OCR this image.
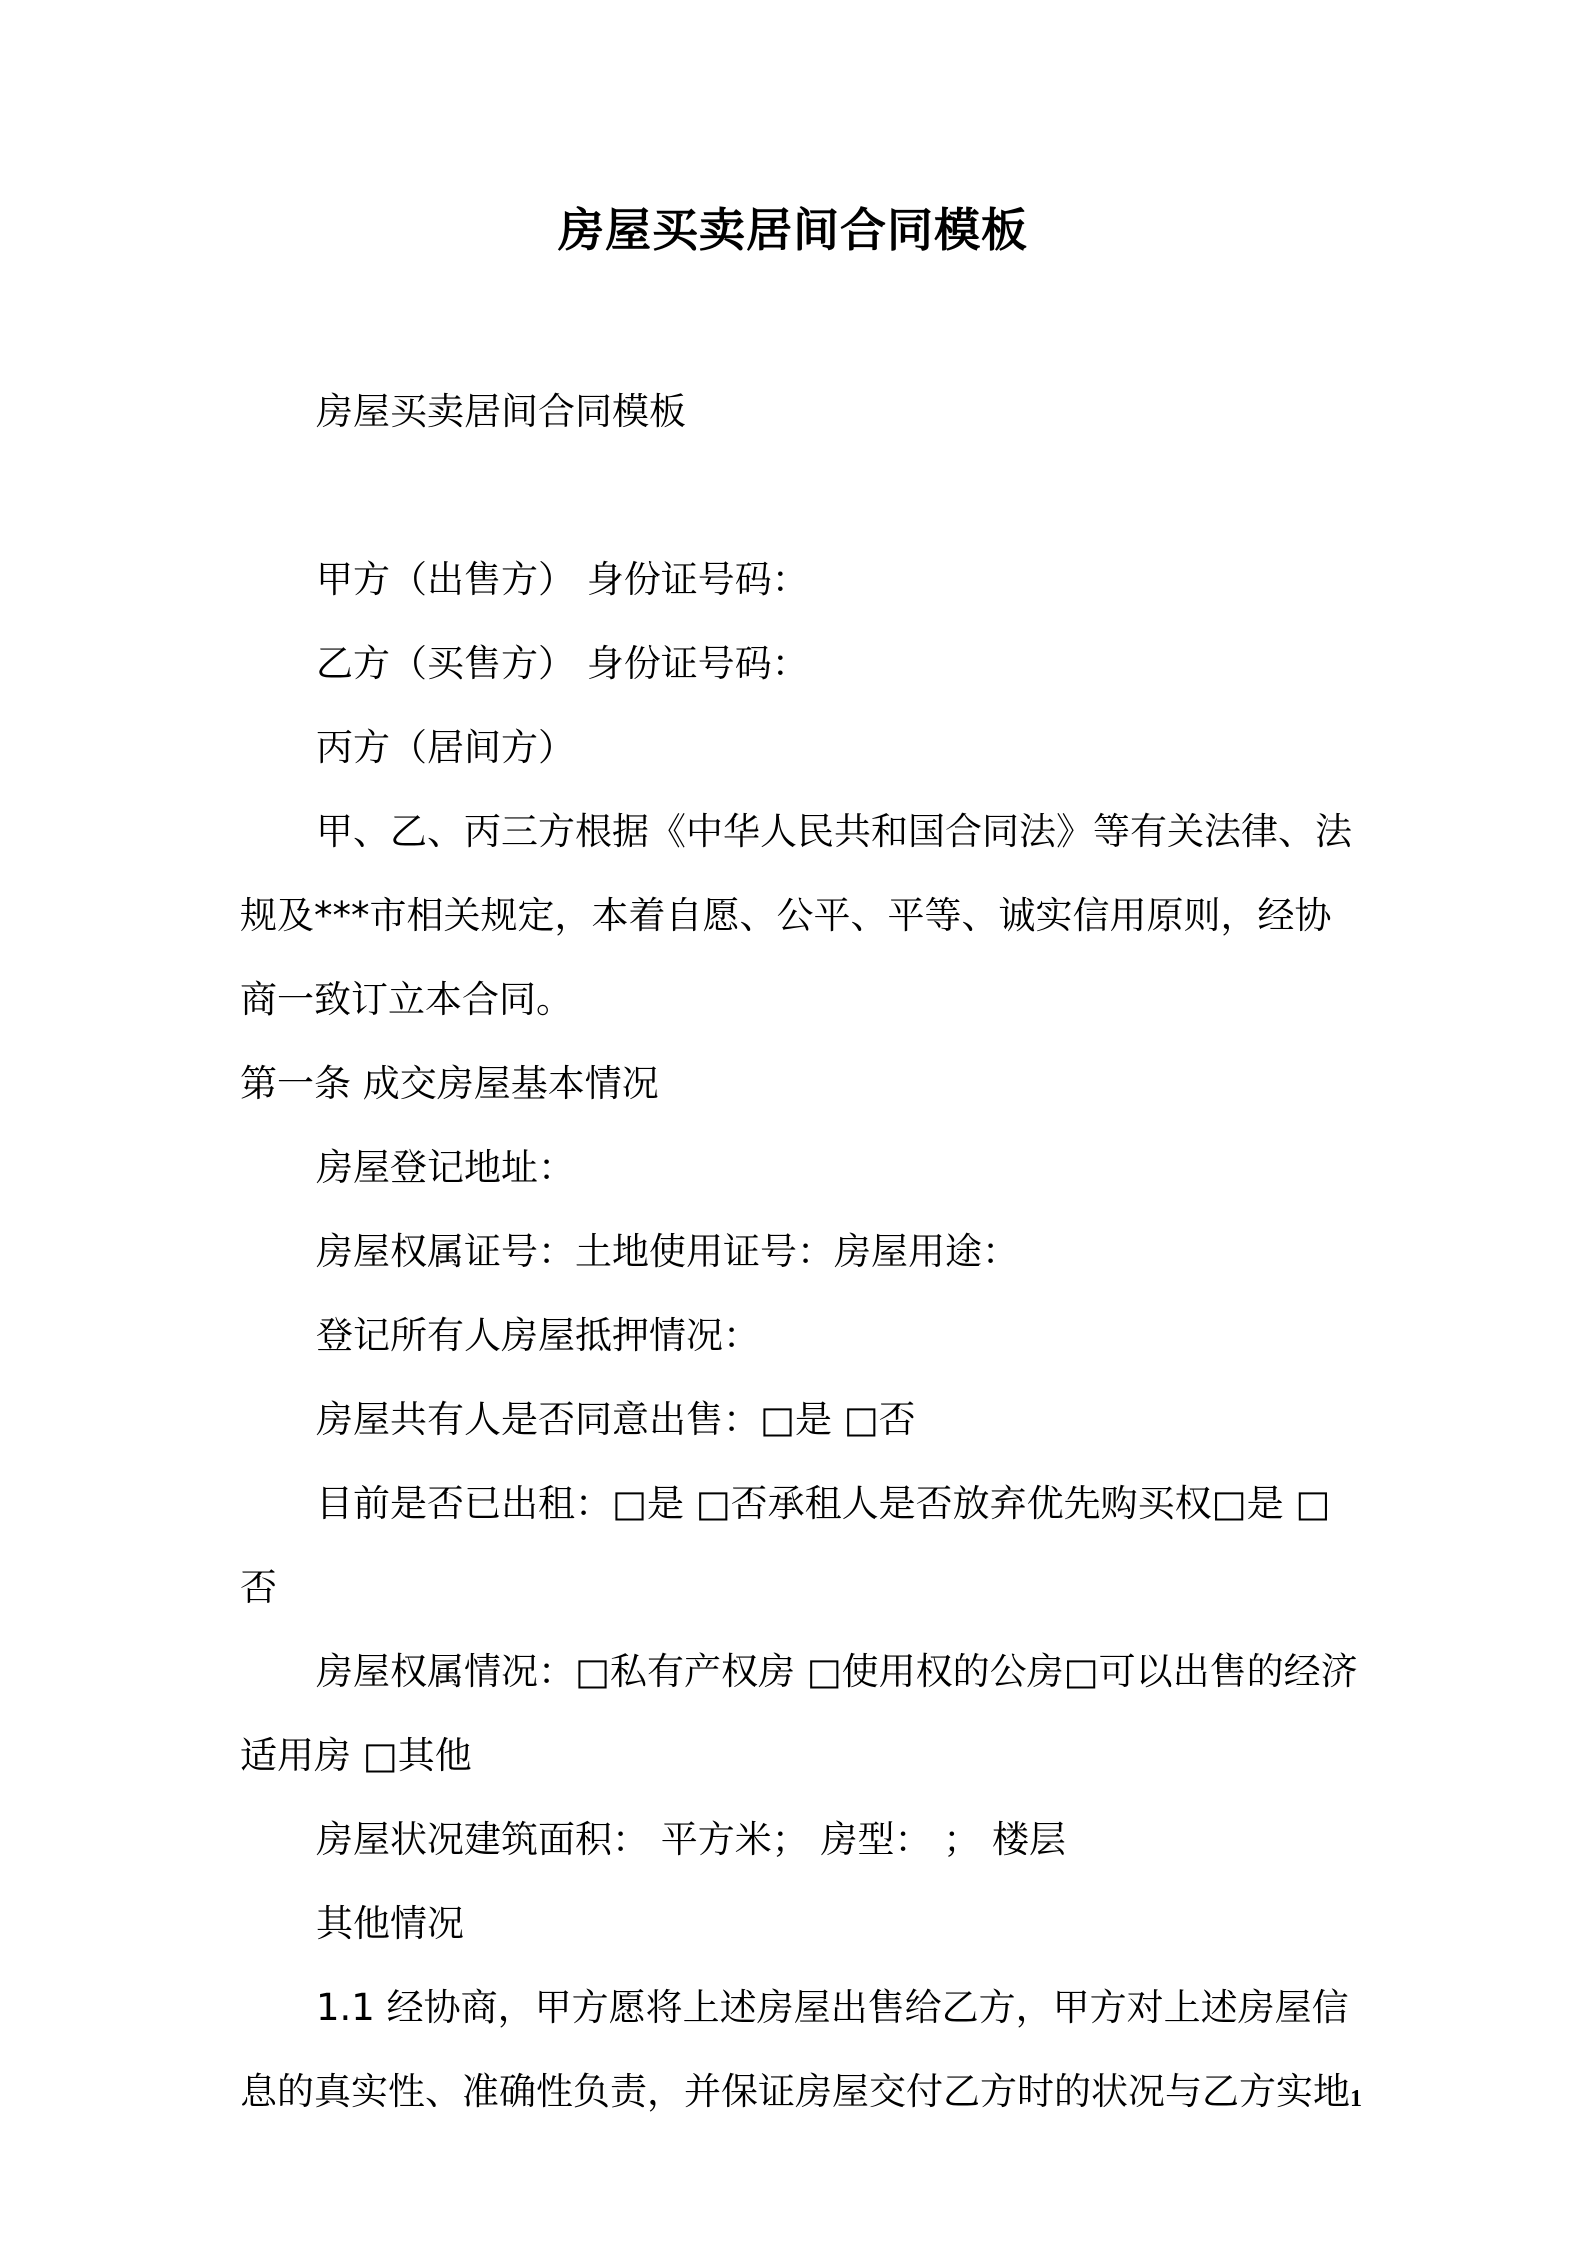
房屋买卖居间合同模板

房屋买卖居间合同模板

甲方（出售方） 身份证号码：

乙方（买售方） 身份证号码：

丙方（居间方）

甲、乙、丙三方根据《中华人民共和国合同法》等有关法律、法规及***市相关规定，本着自愿、公平、平等、诚实信用原则，经协商一致订立本合同。

第一条 成交房屋基本情况

房屋登记地址：

房屋权属证号：土地使用证号：房屋用途：

登记所有人房屋抵押情况：

房屋共有人是否同意出售：□是 □否

目前是否已出租：□是 □否承租人是否放弃优先购买权□是 □否

房屋权属情况：□私有产权房 □使用权的公房□可以出售的经济适用房 □其他

房屋状况建筑面积： 平方米； 房型： ； 楼层

其他情况

1.1 经协商，甲方愿将上述房屋出售给乙方，甲方对上述房屋信息的真实性、准确性负责，并保证房屋交付乙方时的状况与乙方实地 1
